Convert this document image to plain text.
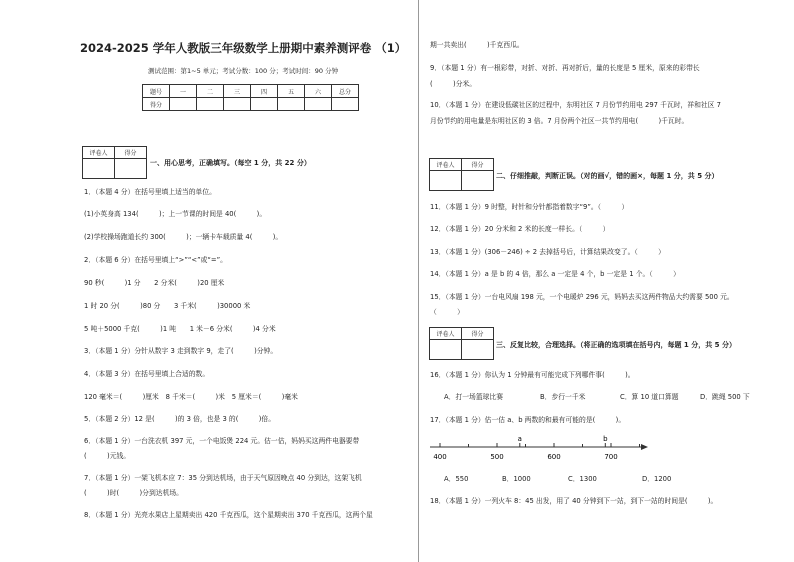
2024-2025 学年人教版三年级数学上册期中素养测评卷 （1）
测试范围：第1~5 单元；考试分数：100 分；考试时间：90 分钟
题号	一	二	三	四	五	六	总分
得分							
评卷人	得分

一、用心思考，正确填写。（每空 1 分，共 22 分）
1．（本题 4 分）在括号里填上适当的单位。
(1)小英身高 134(　　　)；上一节课的时间是 40(　　　)。
(2)学校操场跑道长约 300(　　　)；一辆卡车载质量 4(　　　)。
2．（本题 6 分）在括号里填上“>”“<”或“=”。
90 秒(　　　)1 分　　2 分米(　　　)20 厘米
1 时 20 分(　　　)80 分　　3 千米(　　　)30000 米
5 吨＋5000 千克(　　　)1 吨　　1 米－6 分米(　　　)4 分米
3．（本题 1 分）分针从数字 3 走到数字 9，走了(　　　)分钟。
4．（本题 3 分）在括号里填上合适的数。
120 毫米＝(　　　)厘米　8 千米＝(　　　)米　5 厘米＝(　　　)毫米
5．（本题 2 分）12 是(　　　)的 3 倍，也是 3 的(　　　)倍。
6．（本题 1 分）一台洗衣机 397 元，一个电饭煲 224 元。估一估，妈妈买这两件电器要带
(　　　)元钱。
7．（本题 1 分）一架飞机本应 7：35 分到达机场，由于天气原因晚点 40 分到达，这架飞机
(　　　)时(　　　)分到达机场。
8．（本题 1 分）光亮水果店上星期卖出 420 千克西瓜，这个星期卖出 370 千克西瓜，这两个星
期一共卖出(　　　)千克西瓜。
9．（本题 1 分）有一根彩带，对折、对折、再对折后，量的长度是 5 厘米，原来的彩带长
(　　　)分米。
10．（本题 1 分）在建设低碳社区的过程中，东明社区 7 月份节约用电 297 千瓦时，祥和社区 7
月份节约的用电量是东明社区的 3 倍。7 月份两个社区一共节约用电(　　　)千瓦时。
评卷人	得分

二、仔细推敲，判断正误。（对的画√，错的画×，每题 1 分，共 5 分）
11．（本题 1 分）9 时整，时针和分针都指着数字“9”。（　　　）
12．（本题 1 分）20 分米和 2 米的长度一样长。（　　　）
13．（本题 1 分）(306－246) ÷ 2 去掉括号后，计算结果改变了。（　　　）
14．（本题 1 分）a 是 b 的 4 倍，那么 a 一定是 4 个，b 一定是 1 个。（　　　）
15．（本题 1 分）一台电风扇 198 元，一个电暖炉 296 元，妈妈去买这两件物品大约需要 500 元。
（　　　）
评卷人	得分

三、反复比较，合理选择。（将正确的选项填在括号内，每题 1 分，共 5 分）
16．（本题 1 分）你认为 1 分钟最有可能完成下列哪件事(　　　)。
A．打一场篮球比赛	B．步行一千米	C．算 10 道口算题	D．跳绳 500 下
17．（本题 1 分）估一估 a、b 两数的和最有可能的是(　　　)。
400	500	600	700
a	b
A．550	B．1000	C．1300	D．1200
18．（本题 1 分）一列火车 8：45 出发，用了 40 分钟到下一站，到下一站的时间是(　　　)。
